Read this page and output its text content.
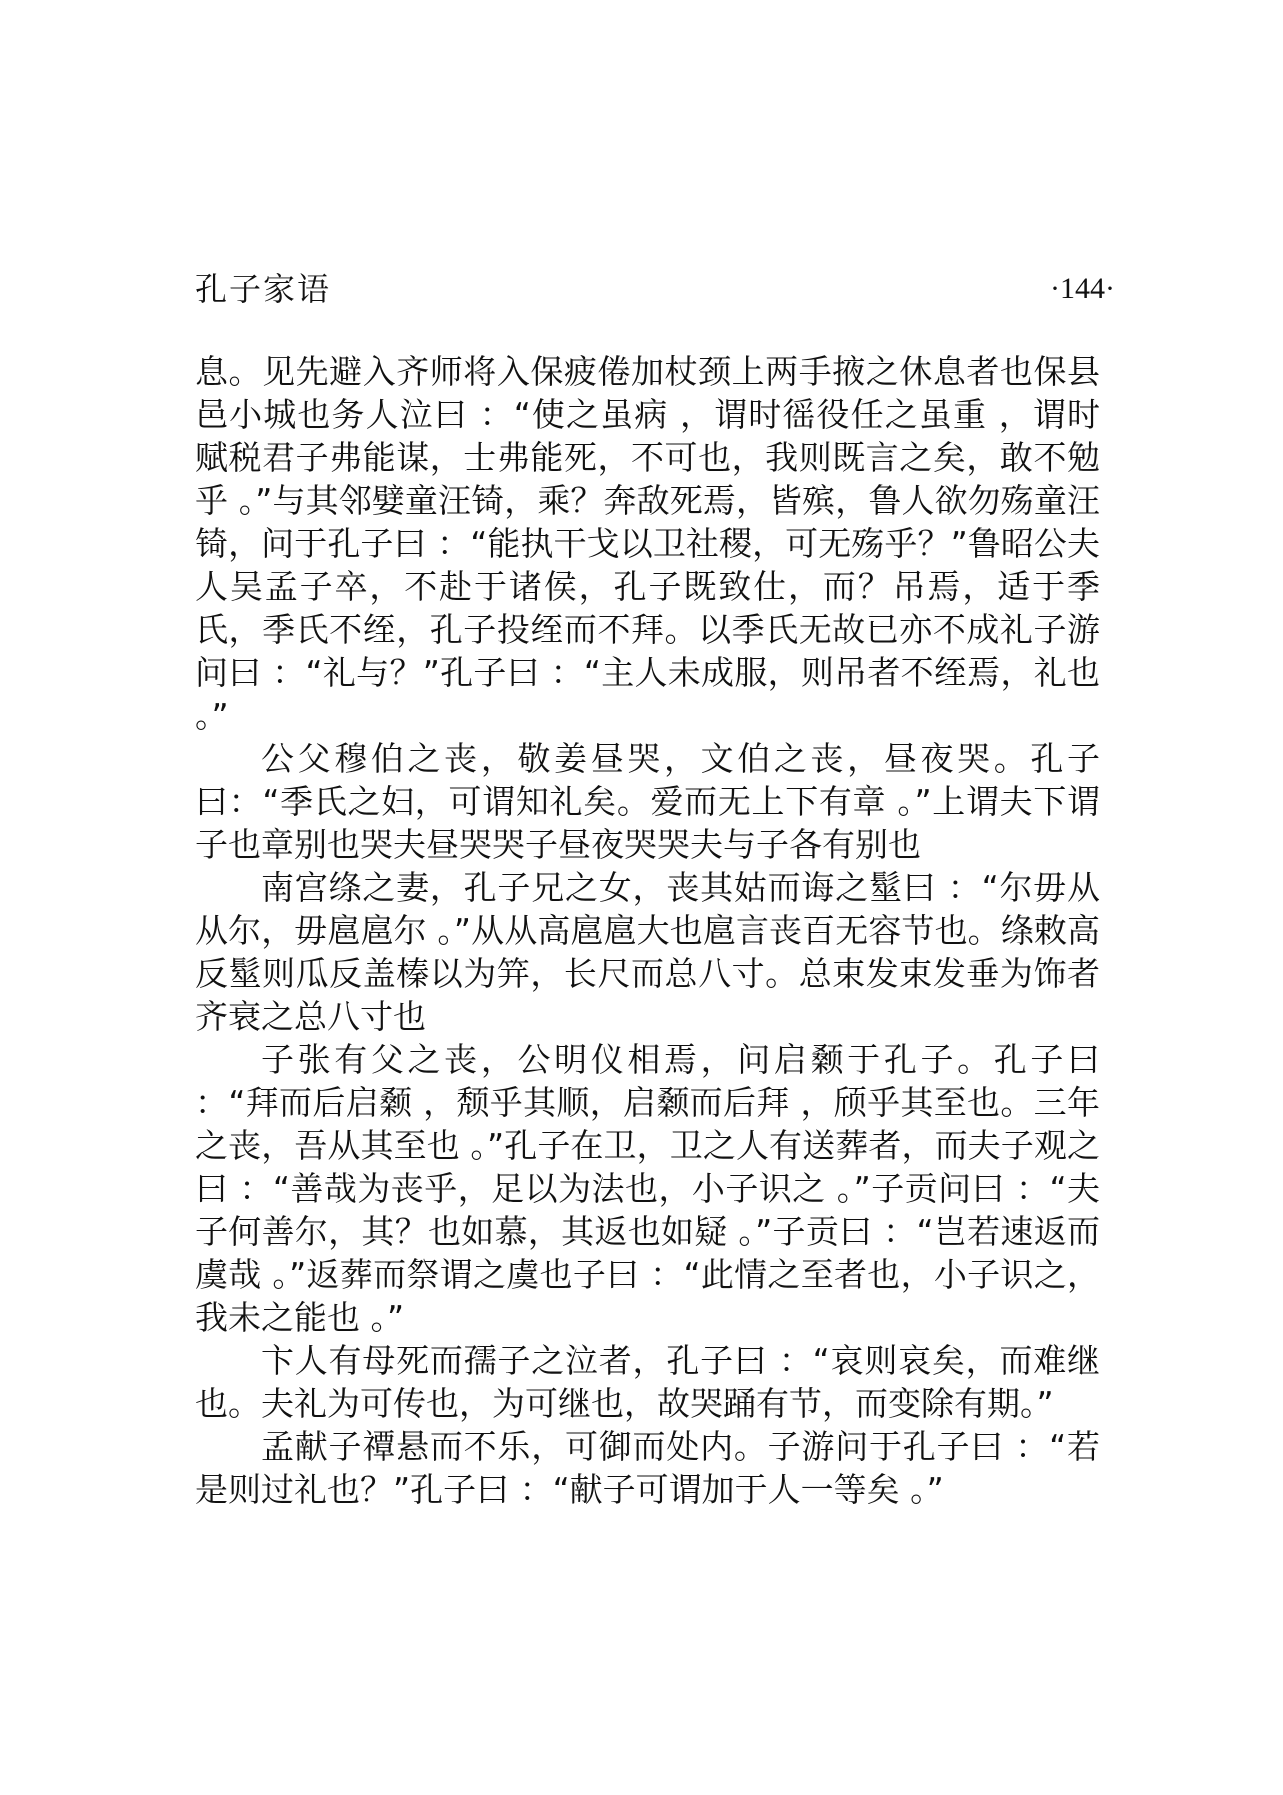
孔子家语	·144·

息。见先避入齐师将入保疲倦加杖颈上两手掖之休息者也保县邑小城也务人泣曰 ：“使之虽病 ，谓时徭役任之虽重 ，谓时赋税君子弗能谋，士弗能死，不可也，我则既言之矣，敢不勉乎 。”与其邻嬖童汪锜，乘？奔敌死焉，皆殡，鲁人欲勿殇童汪锜，问于孔子曰 ：“能执干戈以卫社稷，可无殇乎？”鲁昭公夫人吴孟子卒，不赴于诸侯，孔子既致仕，而？吊焉，适于季氏，季氏不绖，孔子投绖而不拜。以季氏无故已亦不成礼子游问曰 ：“礼与？”孔子曰 ：“主人未成服，则吊者不绖焉，礼也 。”

公父穆伯之丧，敬姜昼哭，文伯之丧，昼夜哭。孔子曰：“季氏之妇，可谓知礼矣。爱而无上下有章 。”上谓夫下谓子也章别也哭夫昼哭哭子昼夜哭哭夫与子各有别也

南宫绦之妻，孔子兄之女，丧其姑而诲之髽曰 ：“尔毋从从尔，毋扈扈尔 。”从从高扈扈大也扈言丧百无容节也。绦敕高反髽则瓜反盖榛以为笄，长尺而总八寸。总束发束发垂为饰者齐衰之总八寸也

子张有父之丧，公明仪相焉，问启颡于孔子。孔子曰 ：“拜而后启颡 ，颓乎其顺，启颡而后拜 ，颀乎其至也。三年之丧，吾从其至也 。”孔子在卫，卫之人有送葬者，而夫子观之曰 ：“善哉为丧乎，足以为法也，小子识之 。”子贡问曰 ：“夫子何善尔，其？也如慕，其返也如疑 。”子贡曰 ：“岂若速返而虞哉 。”返葬而祭谓之虞也子曰 ：“此情之至者也，小子识之，我未之能也 。”

卞人有母死而孺子之泣者，孔子曰 ：“哀则哀矣，而难继也。夫礼为可传也，为可继也，故哭踊有节，而变除有期。”

孟献子禫悬而不乐，可御而处内。子游问于孔子曰 ：“若是则过礼也？”孔子曰 ：“献子可谓加于人一等矣 。”
